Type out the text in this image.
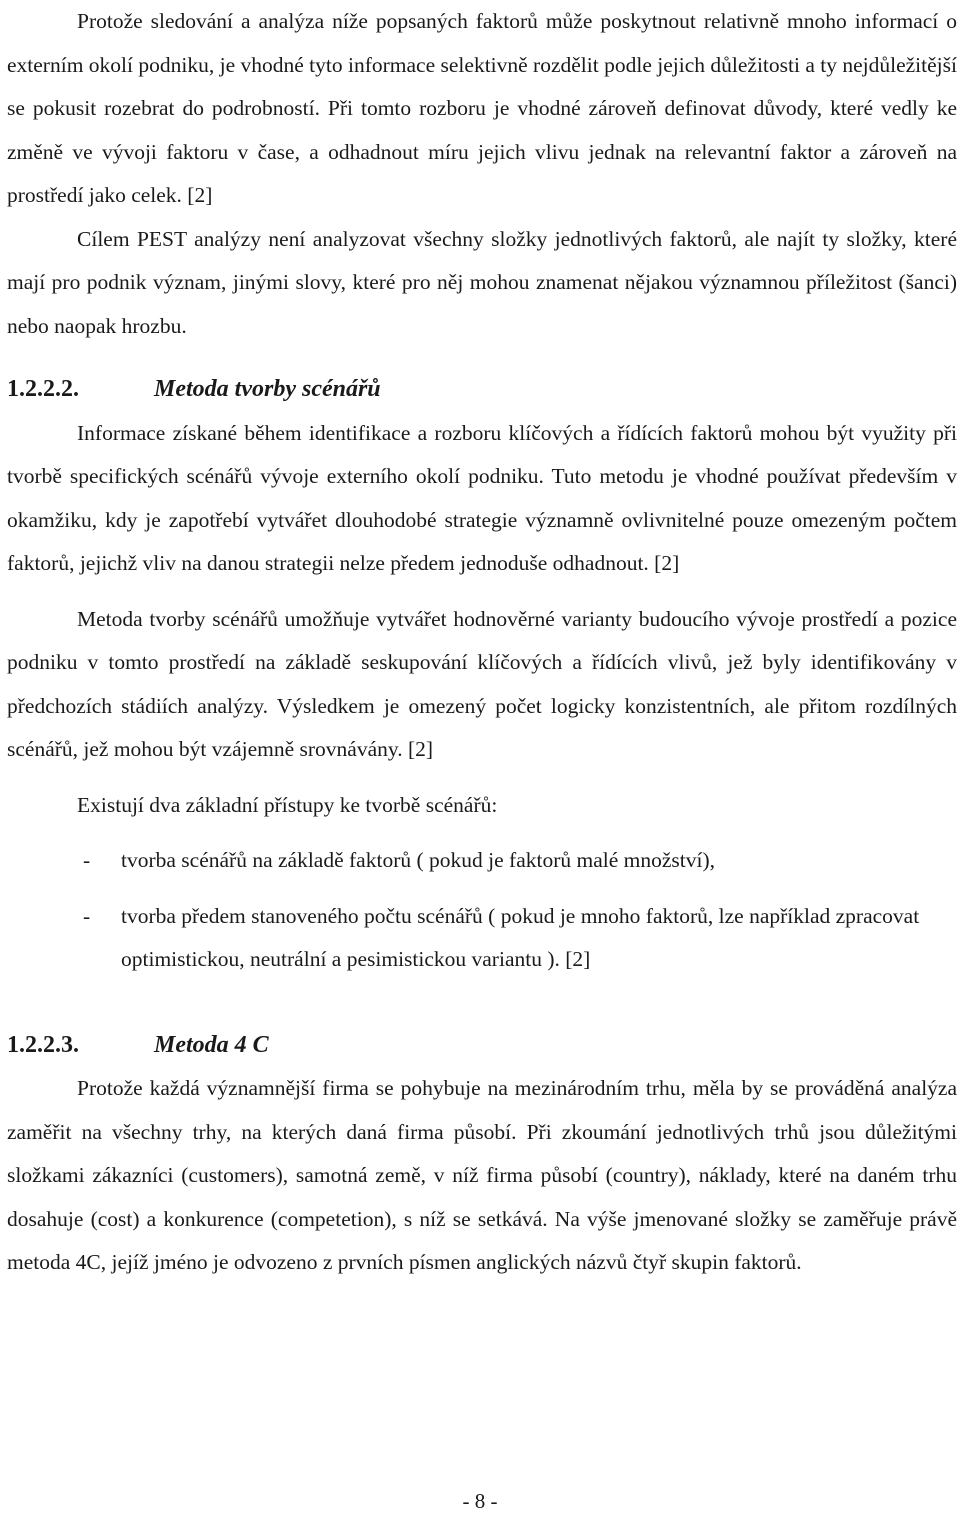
Protože sledování a analýza níže popsaných faktorů může poskytnout relativně mnoho informací o externím okolí podniku, je vhodné tyto informace selektivně rozdělit podle jejich důležitosti a ty nejdůležitější se pokusit rozebrat do podrobností. Při tomto rozboru je vhodné zároveň definovat důvody, které vedly ke změně ve vývoji faktoru v čase, a odhadnout míru jejich vlivu jednak na relevantní faktor a zároveň na prostředí jako celek. [2]

Cílem PEST analýzy není analyzovat všechny složky jednotlivých faktorů, ale najít ty složky, které mají pro podnik význam, jinými slovy, které pro něj mohou znamenat nějakou významnou příležitost (šanci) nebo naopak hrozbu.

1.2.2.2.	Metoda tvorby scénářů

Informace získané během identifikace a rozboru klíčových a řídících faktorů mohou být využity při tvorbě specifických scénářů vývoje externího okolí podniku. Tuto metodu je vhodné používat především v okamžiku, kdy je zapotřebí vytvářet dlouhodobé strategie významně ovlivnitelné pouze omezeným počtem faktorů, jejichž vliv na danou strategii nelze předem jednoduše odhadnout. [2]

Metoda tvorby scénářů umožňuje vytvářet hodnověrné varianty budoucího vývoje prostředí a pozice podniku v tomto prostředí na základě seskupování klíčových a řídících vlivů, jež byly identifikovány v předchozích stádiích analýzy. Výsledkem je omezený počet logicky konzistentních, ale přitom rozdílných scénářů, jež mohou být vzájemně srovnávány. [2]

Existují dva základní přístupy ke tvorbě scénářů:

-	tvorba scénářů na základě faktorů ( pokud je faktorů malé množství),
-	tvorba předem stanoveného počtu scénářů ( pokud je mnoho faktorů, lze například zpracovat optimistickou, neutrální a pesimistickou variantu ). [2]
1.2.2.3.	Metoda 4 C

Protože každá významnější firma se pohybuje na mezinárodním trhu, měla by se prováděná analýza zaměřit na všechny trhy, na kterých daná firma působí. Při zkoumání jednotlivých trhů jsou důležitými složkami zákazníci (customers), samotná země, v níž firma působí (country), náklady, které na daném trhu dosahuje (cost) a konkurence (competetion), s níž se setkává. Na výše jmenované složky se zaměřuje právě metoda 4C, jejíž jméno je odvozeno z prvních písmen anglických názvů čtyř skupin faktorů.

- 8 -
